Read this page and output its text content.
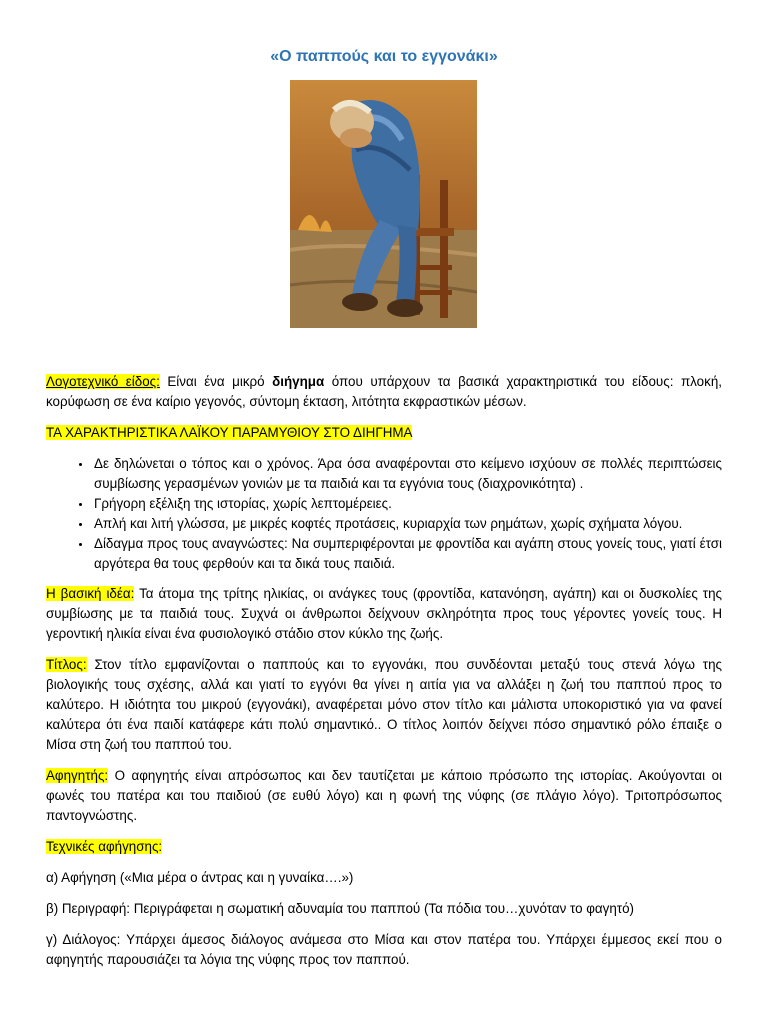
«Ο παππούς και το εγγονάκι»

Λογοτεχνικό είδος: Είναι ένα μικρό διήγημα όπου υπάρχουν τα βασικά χαρακτηριστικά του είδους: πλοκή, κορύφωση σε ένα καίριο γεγονός, σύντομη έκταση, λιτότητα εκφραστικών μέσων.

ΤΑ ΧΑΡΑΚΤΗΡΙΣΤΙΚΑ ΛΑΪΚΟΥ ΠΑΡΑΜΥΘΙΟΥ ΣΤΟ ΔΙΗΓΗΜΑ

• Δε δηλώνεται ο τόπος και ο χρόνος. Άρα όσα αναφέρονται στο κείμενο ισχύουν σε πολλές περιπτώσεις συμβίωσης γερασμένων γονιών με τα παιδιά και τα εγγόνια τους (διαχρονικότητα) .
• Γρήγορη εξέλιξη της ιστορίας, χωρίς λεπτομέρειες.
• Απλή και λιτή γλώσσα, με μικρές κοφτές προτάσεις, κυριαρχία των ρημάτων, χωρίς σχήματα λόγου.
• Δίδαγμα προς τους αναγνώστες: Να συμπεριφέρονται με φροντίδα και αγάπη στους γονείς τους, γιατί έτσι αργότερα θα τους φερθούν και τα δικά τους παιδιά.

Η βασική ιδέα: Τα άτομα της τρίτης ηλικίας, οι ανάγκες τους (φροντίδα, κατανόηση, αγάπη) και οι δυσκολίες της συμβίωσης με τα παιδιά τους. Συχνά οι άνθρωποι δείχνουν σκληρότητα προς τους γέροντες γονείς τους. Η γεροντική ηλικία είναι ένα φυσιολογικό στάδιο στον κύκλο της ζωής.

Τίτλος: Στον τίτλο εμφανίζονται ο παππούς και το εγγονάκι, που συνδέονται μεταξύ τους στενά λόγω της βιολογικής τους σχέσης, αλλά και γιατί το εγγόνι θα γίνει η αιτία για να αλλάξει η ζωή του παππού προς το καλύτερο. Η ιδιότητα του μικρού (εγγονάκι), αναφέρεται μόνο στον τίτλο και μάλιστα υποκοριστικό για να φανεί καλύτερα ότι ένα παιδί κατάφερε κάτι πολύ σημαντικό.. Ο τίτλος λοιπόν δείχνει πόσο σημαντικό ρόλο έπαιξε ο Μίσα στη ζωή του παππού του.

Αφηγητής: Ο αφηγητής είναι απρόσωπος και δεν ταυτίζεται με κάποιο πρόσωπο της ιστορίας. Ακούγονται οι φωνές του πατέρα και του παιδιού (σε ευθύ λόγο) και η φωνή της νύφης (σε πλάγιο λόγο). Τριτοπρόσωπος παντογνώστης.

Τεχνικές αφήγησης:

α) Αφήγηση («Μια μέρα ο άντρας και η γυναίκα….»)

β) Περιγραφή: Περιγράφεται η σωματική αδυναμία του παππού (Τα πόδια του…χυνόταν το φαγητό)

γ) Διάλογος: Υπάρχει άμεσος διάλογος ανάμεσα στο Μίσα και στον πατέρα του. Υπάρχει έμμεσος εκεί που ο αφηγητής παρουσιάζει τα λόγια της νύφης προς τον παππού.
